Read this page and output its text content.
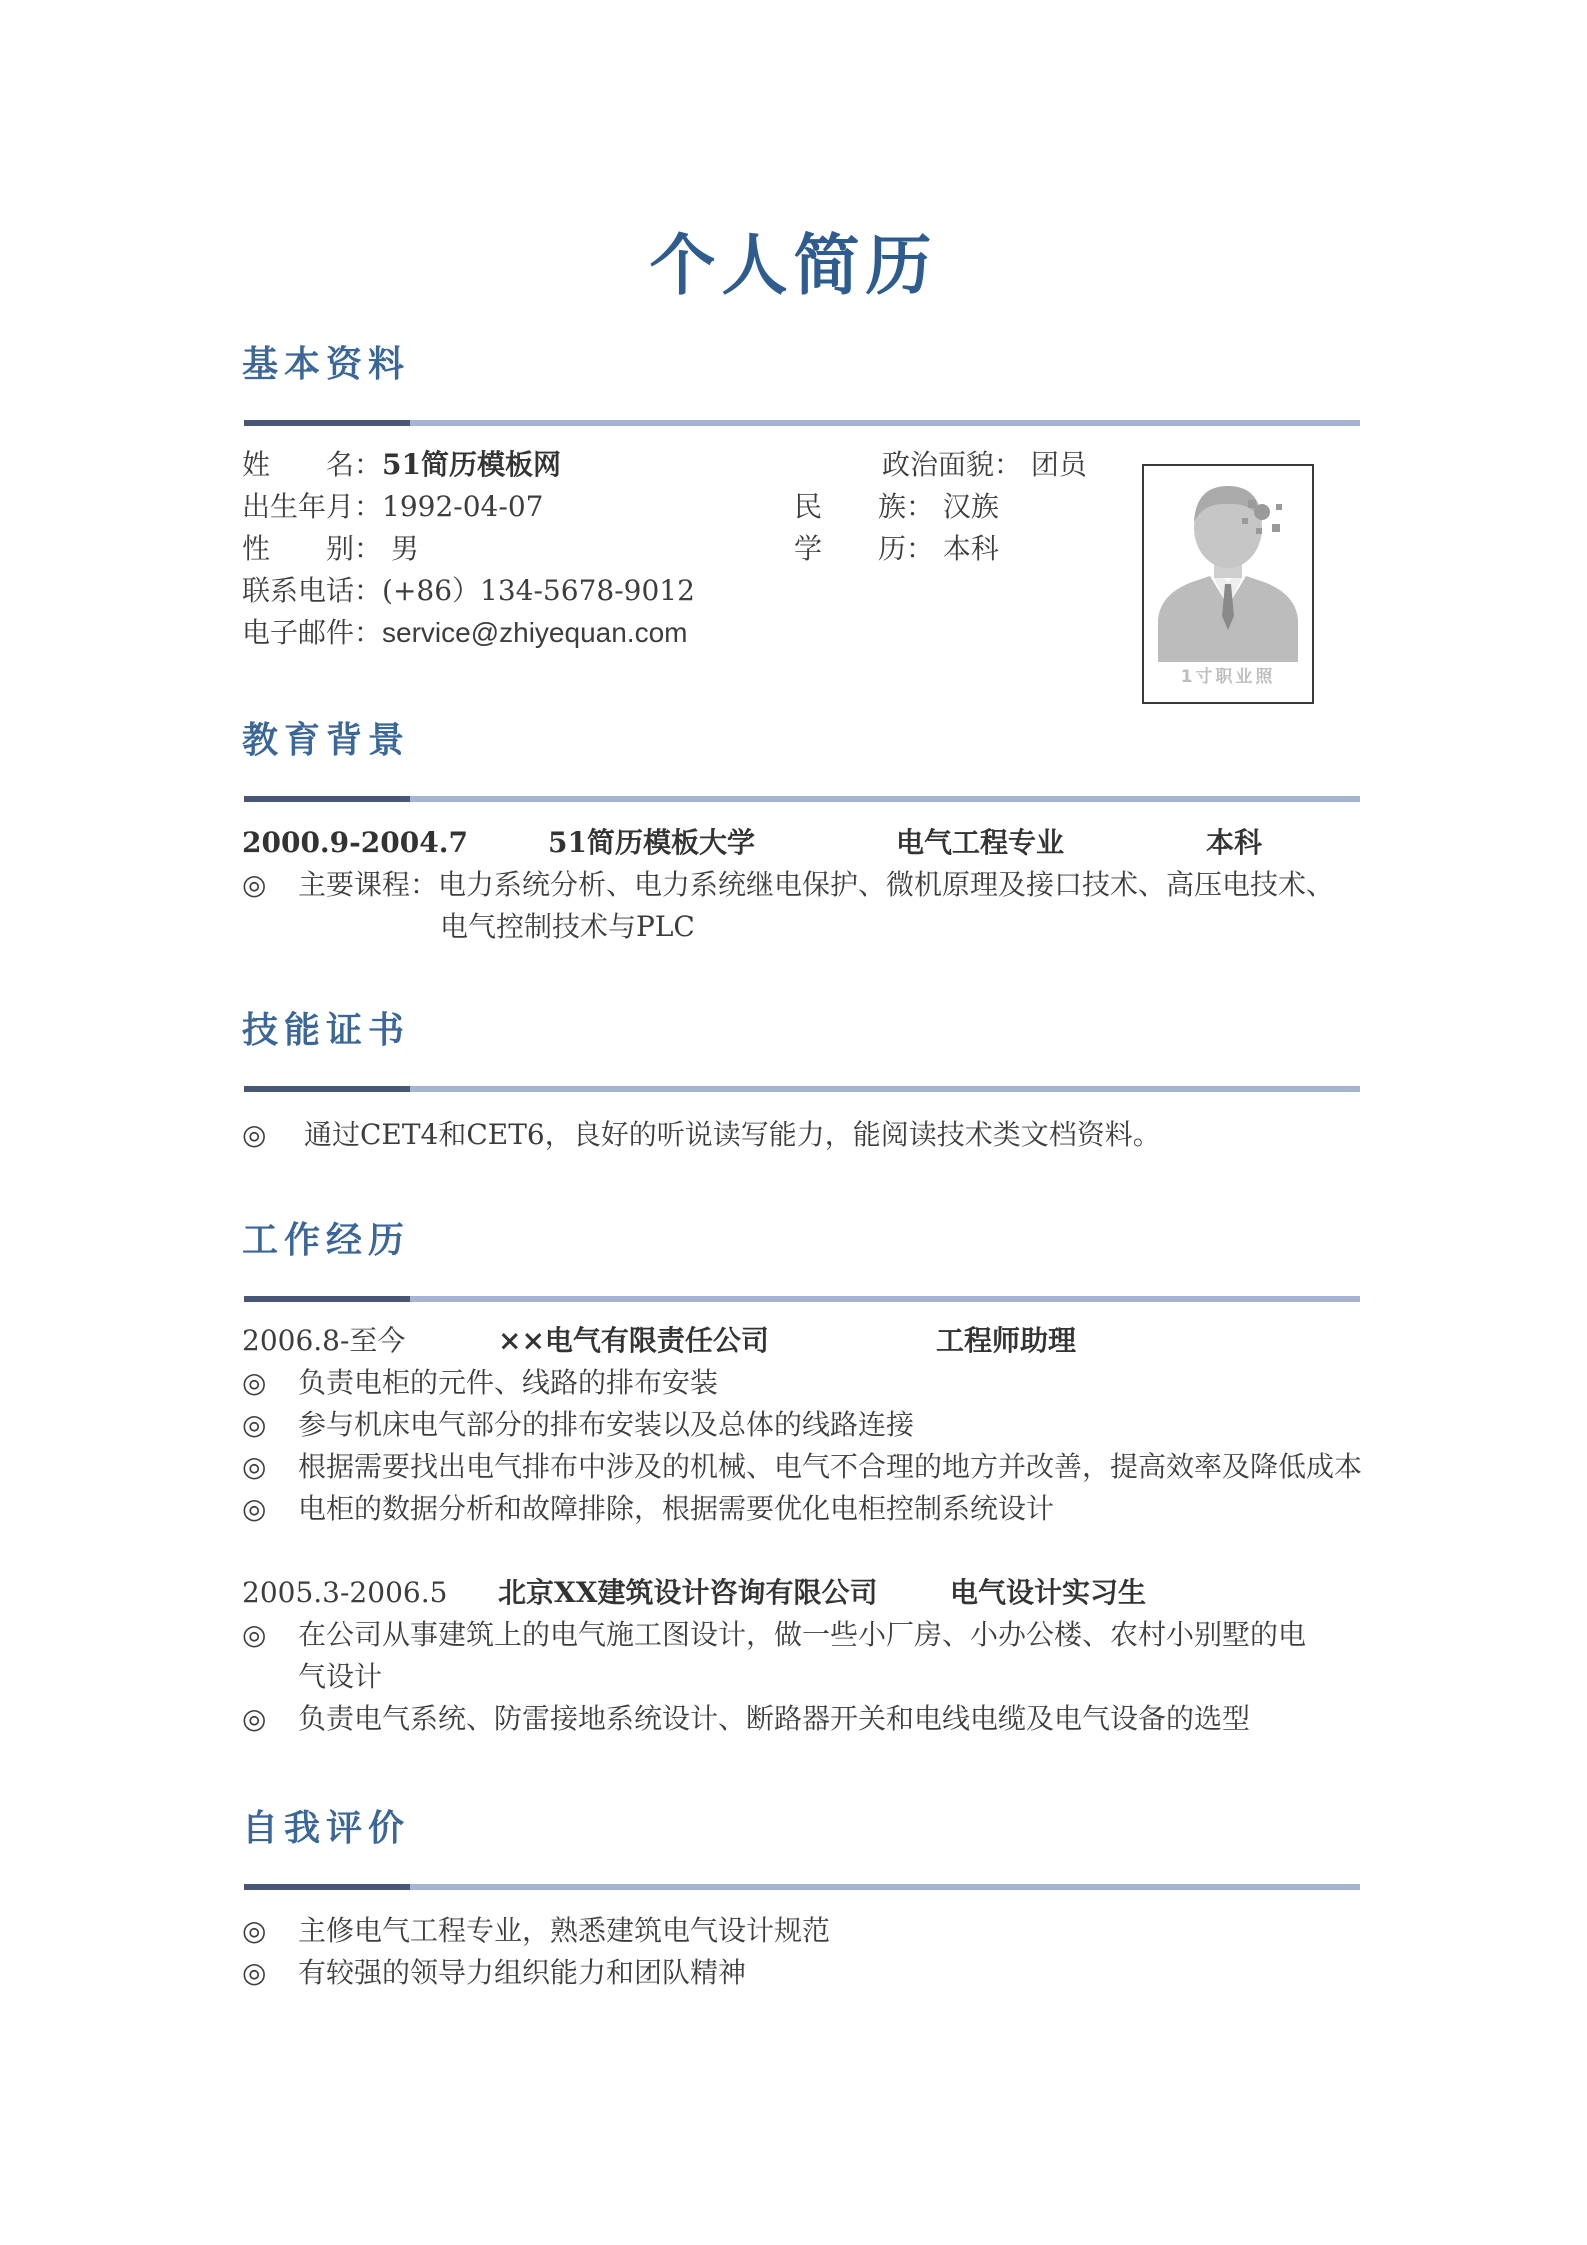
个人简历
基本资料
姓　　名：51简历模板网	政治面貌： 团员
出生年月：1992-04-07	民　　族： 汉族
性　　别： 男	学　　历： 本科
联系电话：(+86）134-5678-9012
电子邮件：service@zhiyequan.com
1寸职业照
教育背景
2000.9-2004.7	51简历模板大学	电气工程专业	本科
◎ 主要课程：电力系统分析、电力系统继电保护、微机原理及接口技术、高压电技术、
电气控制技术与PLC
技能证书
◎ 通过CET4和CET6，良好的听说读写能力，能阅读技术类文档资料。
工作经历
2006.8-至今	××电气有限责任公司	工程师助理
◎ 负责电柜的元件、线路的排布安装
◎ 参与机床电气部分的排布安装以及总体的线路连接
◎ 根据需要找出电气排布中涉及的机械、电气不合理的地方并改善，提高效率及降低成本
◎ 电柜的数据分析和故障排除，根据需要优化电柜控制系统设计
2005.3-2006.5 北京XX建筑设计咨询有限公司	电气设计实习生
◎ 在公司从事建筑上的电气施工图设计，做一些小厂房、小办公楼、农村小别墅的电
气设计
◎ 负责电气系统、防雷接地系统设计、断路器开关和电线电缆及电气设备的选型
自我评价
◎ 主修电气工程专业，熟悉建筑电气设计规范
◎ 有较强的领导力组织能力和团队精神
